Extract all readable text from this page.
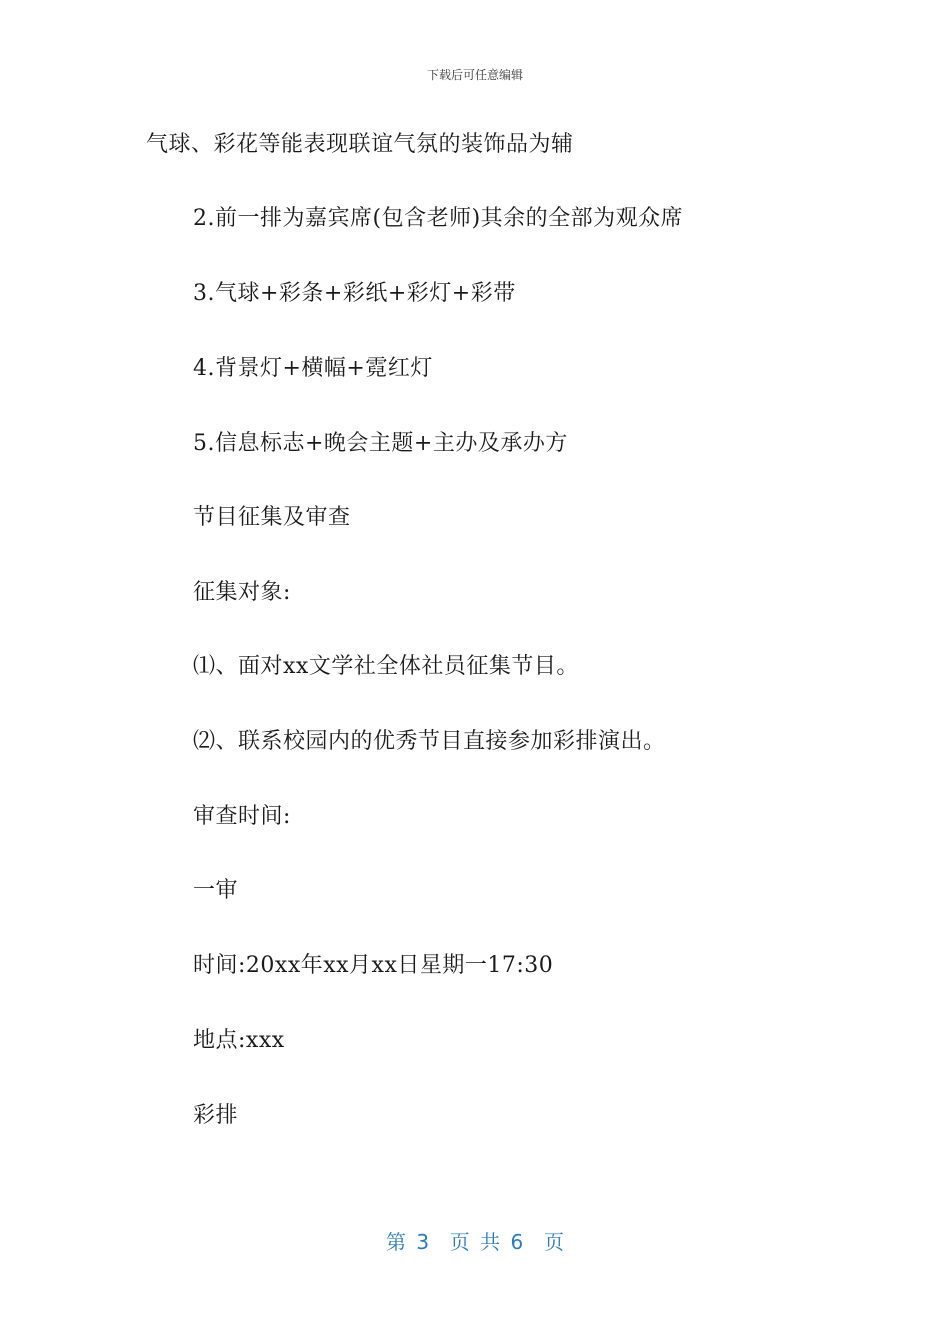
下载后可任意编辑
气球、彩花等能表现联谊气氛的装饰品为辅
2.前一排为嘉宾席(包含老师)其余的全部为观众席
3.气球+彩条+彩纸+彩灯+彩带
4.背景灯+横幅+霓红灯
5.信息标志+晚会主题+主办及承办方
节目征集及审查
征集对象:
⑴、面对xx文学社全体社员征集节目。
⑵、联系校园内的优秀节目直接参加彩排演出。
审查时间:
一审
时间:20xx年xx月xx日星期一17:30
地点:xxx
彩排
第 3  页 共 6  页
